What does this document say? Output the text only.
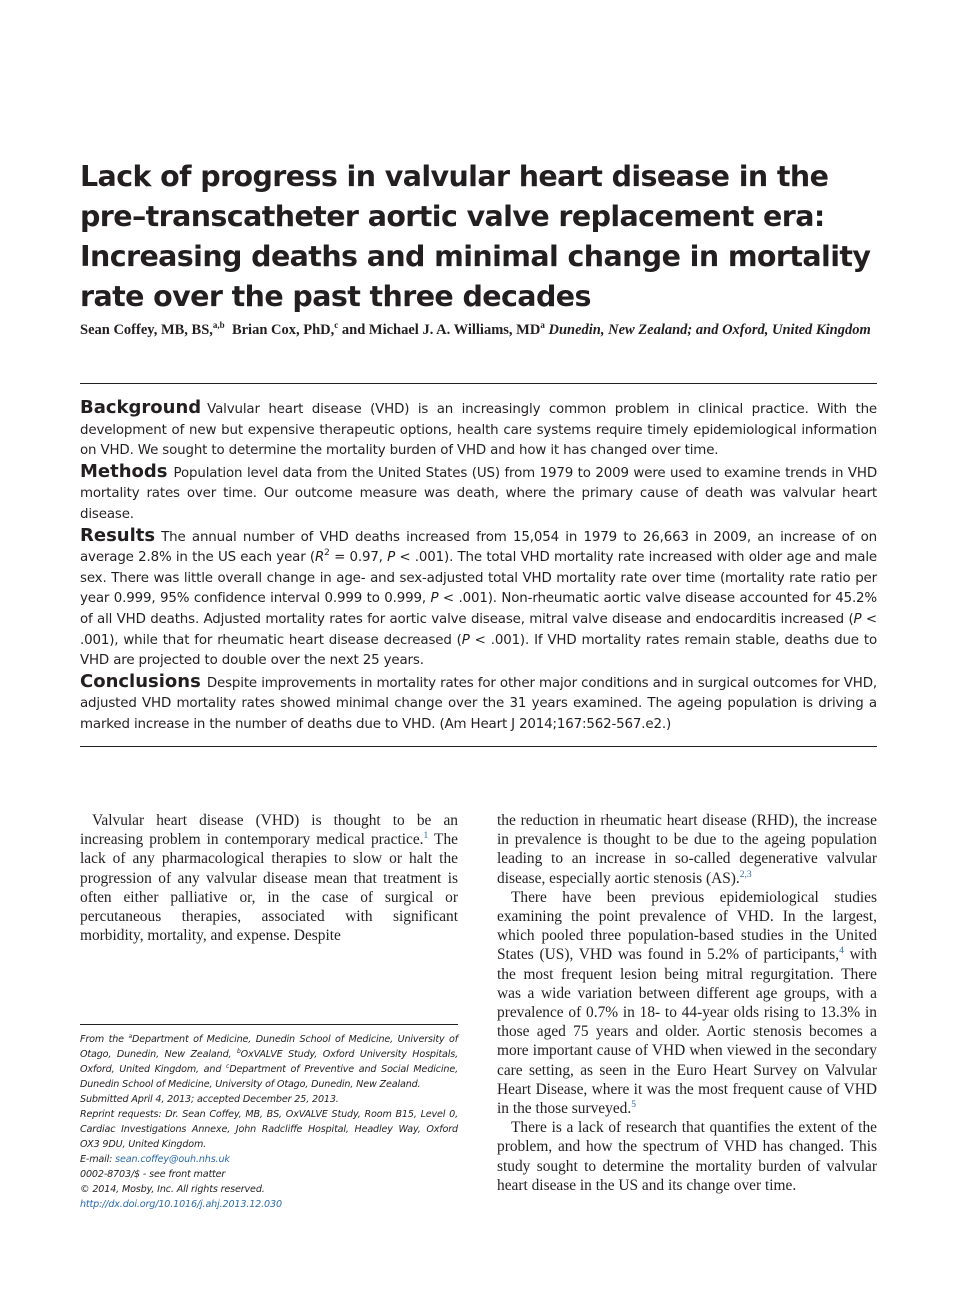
Lack of progress in valvular heart disease in the pre–transcatheter aortic valve replacement era: Increasing deaths and minimal change in mortality rate over the past three decades
Sean Coffey, MB, BS,$^{a,b}$ Brian Cox, PhD,$^c$ and Michael J. A. Williams, $MD^a$ Dunedin, New Zealand; and Oxford, United Kingdom

Background Valvular heart disease (VHD) is an increasingly common problem in clinical practice. With the development of new but expensive therapeutic options, health care systems require timely epidemiological information on VHD. We sought to determine the mortality burden of VHD and how it has changed over time.

Methods Population level data from the United States (US) from 1979 to 2009 were used to examine trends in VHD mortality rates over time. Our outcome measure was death, where the primary cause of death was valvular heart disease.

Results The annual number of VHD deaths increased from 15,054 in 1979 to 26,663 in 2009, an increase of on average 2.8% in the US each year ($R^2 = 0.97$, P < .001). The total VHD mortality rate increased with older age and male sex. There was little overall change in age- and sex-adjusted total VHD mortality rate over time (mortality rate ratio per year 0.999, 95% confidence interval 0.999 to 0.999, P < .001). Non-rheumatic aortic valve disease accounted for 45.2% of all VHD deaths. Adjusted mortality rates for aortic valve disease, mitral valve disease and endocarditis increased (P < .001), while that for rheumatic heart disease decreased (P < .001). If VHD mortality rates remain stable, deaths due to VHD are projected to double over the next 25 years.

Conclusions Despite improvements in mortality rates for other major conditions and in surgical outcomes for VHD, adjusted VHD mortality rates showed minimal change over the 31 years examined. The ageing population is driving a marked increase in the number of deaths due to VHD. (Am Heart J 2014;167:562-567.e2.)

Valvular heart disease (VHD) is thought to be an increasing problem in contemporary medical practice.$^1$ The lack of any pharmacological therapies to slow or halt the progression of any valvular disease mean that treatment is often either palliative or, in the case of surgical or percutaneous therapies, associated with significant morbidity, mortality, and expense. Despite

the reduction in rheumatic heart disease (RHD), the increase in prevalence is thought to be due to the ageing population leading to an increase in so-called degenerative valvular disease, especially aortic stenosis (AS).$^{2,3}$

There have been previous epidemiological studies examining the point prevalence of VHD. In the largest, which pooled three population-based studies in the United States (US), VHD was found in 5.2% of participants,$^4$ with the most frequent lesion being mitral regurgitation. There was a wide variation between different age groups, with a prevalence of 0.7% in 18- to 44-year olds rising to 13.3% in those aged 75 years and older. Aortic stenosis becomes a more important cause of VHD when viewed in the secondary care setting, as seen in the Euro Heart Survey on Valvular Heart Disease, where it was the most frequent cause of VHD in the those surveyed.$^5$

There is a lack of research that quantifies the extent of the problem, and how the spectrum of VHD has changed. This study sought to determine the mortality burden of valvular heart disease in the US and its change over time.

From the $^a$Department of Medicine, Dunedin School of Medicine, University of Otago, Dunedin, New Zealand, $^b$OxVALVE Study, Oxford University Hospitals, Oxford, United Kingdom, and $^c$Department of Preventive and Social Medicine, Dunedin School of Medicine, University of Otago, Dunedin, New Zealand.

Submitted April 4, 2013; accepted December 25, 2013.

Reprint requests: Dr. Sean Coffey, MB, BS, OxVALVE Study, Room B15, Level 0, Cardiac Investigations Annexe, John Radcliffe Hospital, Headley Way, Oxford OX3 9DU, United Kingdom.

E-mail: sean.coffey@ouh.nhs.uk

0002-8703/$ - see front matter

© 2014, Mosby, Inc. All rights reserved.

http://dx.doi.org/10.1016/j.ahj.2013.12.030
